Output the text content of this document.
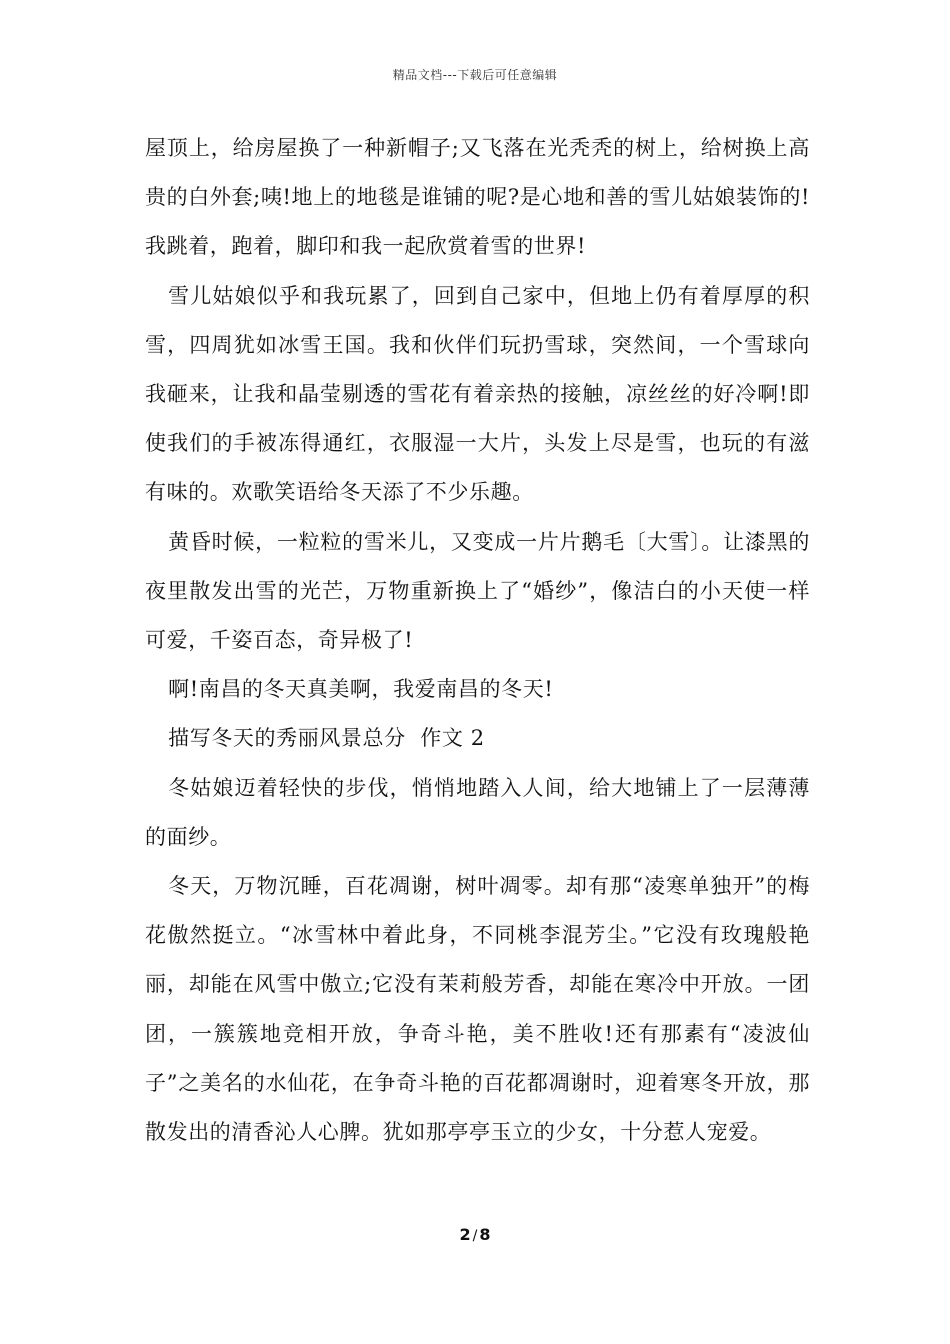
精品文档---下载后可任意编辑

屋顶上，给房屋换了一种新帽子;又飞落在光秃秃的树上，给树换上高贵的白外套;咦!地上的地毯是谁铺的呢?是心地和善的雪儿姑娘装饰的!我跳着，跑着，脚印和我一起欣赏着雪的世界!

雪儿姑娘似乎和我玩累了，回到自己家中，但地上仍有着厚厚的积雪，四周犹如冰雪王国。我和伙伴们玩扔雪球，突然间，一个雪球向我砸来，让我和晶莹剔透的雪花有着亲热的接触，凉丝丝的好冷啊!即使我们的手被冻得通红，衣服湿一大片，头发上尽是雪，也玩的有滋有味的。欢歌笑语给冬天添了不少乐趣。

黄昏时候，一粒粒的雪米儿，又变成一片片鹅毛〔大雪〕。让漆黑的夜里散发出雪的光芒，万物重新换上了“婚纱”，像洁白的小天使一样可爱，千姿百态，奇异极了!

啊!南昌的冬天真美啊，我爱南昌的冬天!

描写冬天的秀丽风景总分  作文 2

冬姑娘迈着轻快的步伐，悄悄地踏入人间，给大地铺上了一层薄薄的面纱。

冬天，万物沉睡，百花凋谢，树叶凋零。却有那“凌寒单独开”的梅花傲然挺立。“冰雪林中着此身，不同桃李混芳尘。”它没有玫瑰般艳丽，却能在风雪中傲立;它没有茉莉般芳香，却能在寒冷中开放。一团团，一簇簇地竞相开放，争奇斗艳，美不胜收!还有那素有“凌波仙子”之美名的水仙花，在争奇斗艳的百花都凋谢时，迎着寒冬开放，那散发出的清香沁人心脾。犹如那亭亭玉立的少女，十分惹人宠爱。

2 / 8
